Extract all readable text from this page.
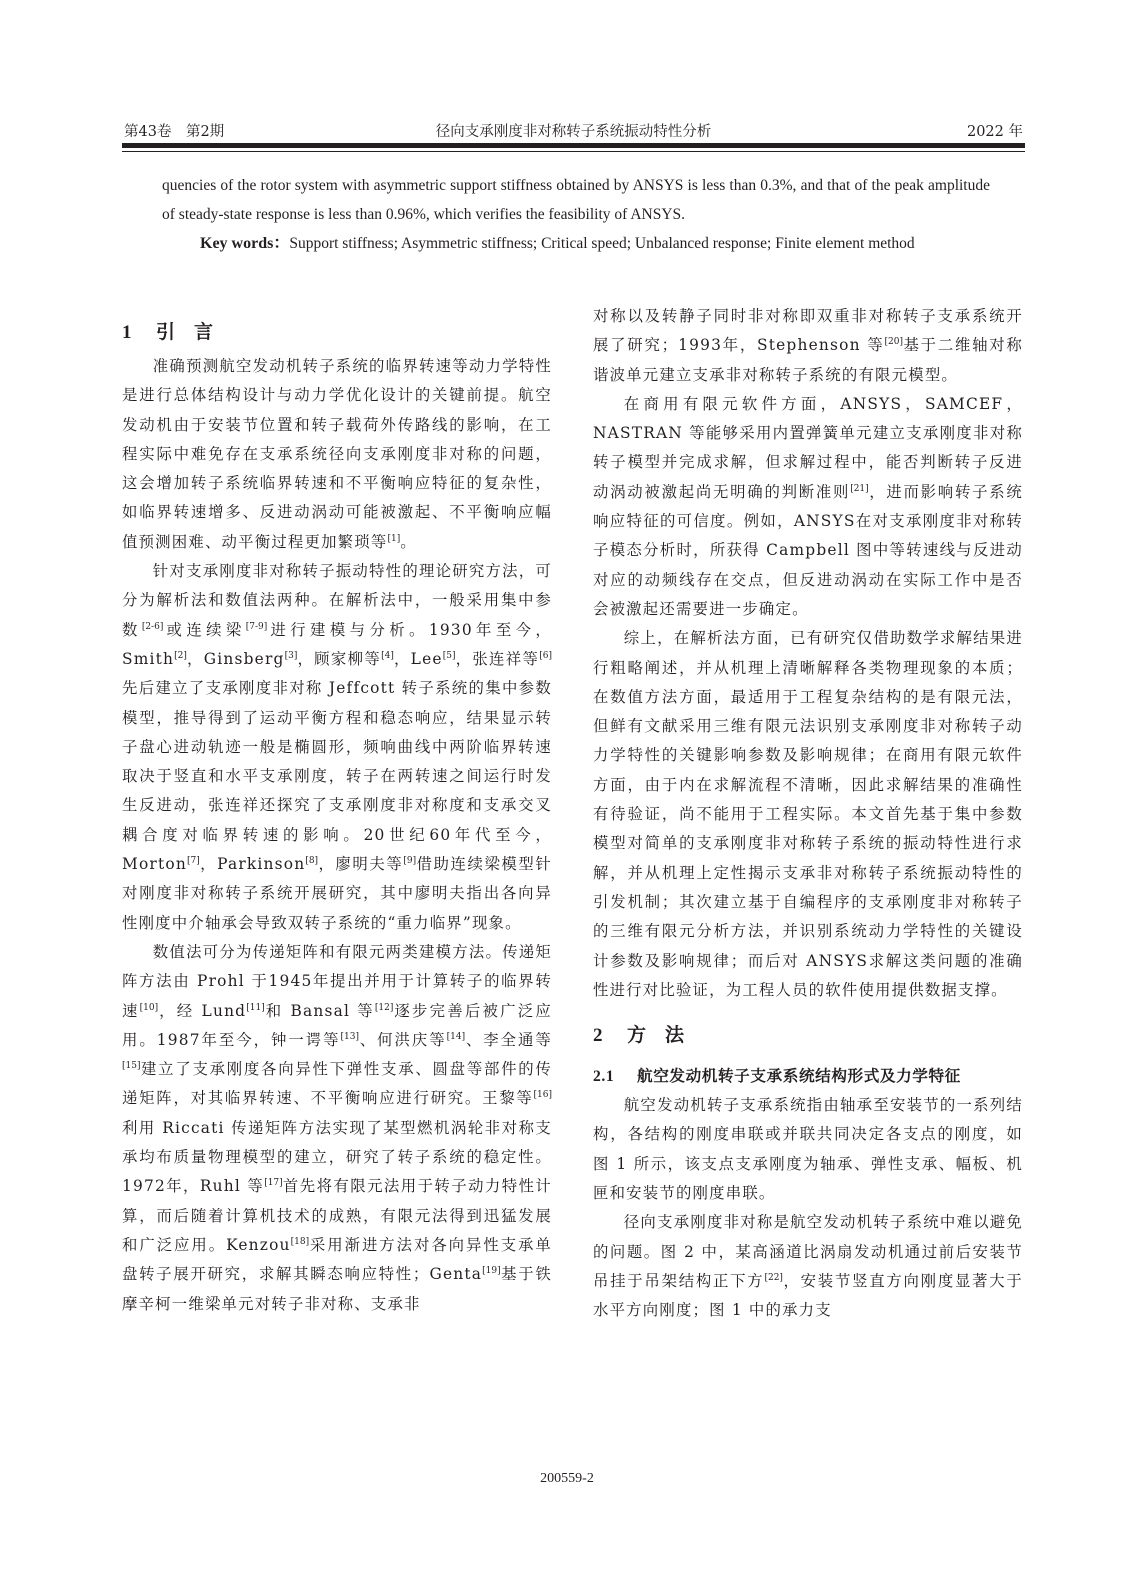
第43卷　第2期	径向支承刚度非对称转子系统振动特性分析	2022 年

quencies of the rotor system with asymmetric support stiffness obtained by ANSYS is less than 0.3%, and that of the peak amplitude of steady-state response is less than 0.96%, which verifies the feasibility of ANSYS.

Key words：Support stiffness; Asymmetric stiffness; Critical speed; Unbalanced response; Finite element method

1 引 言

准确预测航空发动机转子系统的临界转速等动力学特性是进行总体结构设计与动力学优化设计的关键前提。航空发动机由于安装节位置和转子载荷外传路线的影响，在工程实际中难免存在支承系统径向支承刚度非对称的问题，这会增加转子系统临界转速和不平衡响应特征的复杂性，如临界转速增多、反进动涡动可能被激起、不平衡响应幅值预测困难、动平衡过程更加繁琐等[1]。

针对支承刚度非对称转子振动特性的理论研究方法，可分为解析法和数值法两种。在解析法中，一般采用集中参数[2-6]或连续梁[7-9]进行建模与分析。1930年至今，Smith[2]，Ginsberg[3]，顾家柳等[4]，Lee[5]，张连祥等[6]先后建立了支承刚度非对称 Jeffcott 转子系统的集中参数模型，推导得到了运动平衡方程和稳态响应，结果显示转子盘心进动轨迹一般是椭圆形，频响曲线中两阶临界转速取决于竖直和水平支承刚度，转子在两转速之间运行时发生反进动，张连祥还探究了支承刚度非对称度和支承交叉耦合度对临界转速的影响。20世纪60年代至今，Morton[7]，Parkinson[8]，廖明夫等[9]借助连续梁模型针对刚度非对称转子系统开展研究，其中廖明夫指出各向异性刚度中介轴承会导致双转子系统的“重力临界”现象。

数值法可分为传递矩阵和有限元两类建模方法。传递矩阵方法由 Prohl 于1945年提出并用于计算转子的临界转速[10]，经 Lund[11]和 Bansal 等[12]逐步完善后被广泛应用。1987年至今，钟一谔等[13]、何洪庆等[14]、李全通等[15]建立了支承刚度各向异性下弹性支承、圆盘等部件的传递矩阵，对其临界转速、不平衡响应进行研究。王黎等[16]利用 Riccati 传递矩阵方法实现了某型燃机涡轮非对称支承均布质量物理模型的建立，研究了转子系统的稳定性。1972年，Ruhl 等[17]首先将有限元法用于转子动力特性计算，而后随着计算机技术的成熟，有限元法得到迅猛发展和广泛应用。Kenzou[18]采用渐进方法对各向异性支承单盘转子展开研究，求解其瞬态响应特性；Genta[19]基于铁摩辛柯一维梁单元对转子非对称、支承非

对称以及转静子同时非对称即双重非对称转子支承系统开展了研究；1993年，Stephenson 等[20]基于二维轴对称谐波单元建立支承非对称转子系统的有限元模型。

在商用有限元软件方面，ANSYS，SAMCEF，NASTRAN 等能够采用内置弹簧单元建立支承刚度非对称转子模型并完成求解，但求解过程中，能否判断转子反进动涡动被激起尚无明确的判断准则[21]，进而影响转子系统响应特征的可信度。例如，ANSYS在对支承刚度非对称转子模态分析时，所获得 Campbell 图中等转速线与反进动对应的动频线存在交点，但反进动涡动在实际工作中是否会被激起还需要进一步确定。

综上，在解析法方面，已有研究仅借助数学求解结果进行粗略阐述，并从机理上清晰解释各类物理现象的本质；在数值方法方面，最适用于工程复杂结构的是有限元法，但鲜有文献采用三维有限元法识别支承刚度非对称转子动力学特性的关键影响参数及影响规律；在商用有限元软件方面，由于内在求解流程不清晰，因此求解结果的准确性有待验证，尚不能用于工程实际。本文首先基于集中参数模型对简单的支承刚度非对称转子系统的振动特性进行求解，并从机理上定性揭示支承非对称转子系统振动特性的引发机制；其次建立基于自编程序的支承刚度非对称转子的三维有限元分析方法，并识别系统动力学特性的关键设计参数及影响规律；而后对 ANSYS求解这类问题的准确性进行对比验证，为工程人员的软件使用提供数据支撑。

2 方 法
2.1 航空发动机转子支承系统结构形式及力学特征

航空发动机转子支承系统指由轴承至安装节的一系列结构，各结构的刚度串联或并联共同决定各支点的刚度，如图 1 所示，该支点支承刚度为轴承、弹性支承、幅板、机匣和安装节的刚度串联。

径向支承刚度非对称是航空发动机转子系统中难以避免的问题。图 2 中，某高涵道比涡扇发动机通过前后安装节吊挂于吊架结构正下方[22]，安装节竖直方向刚度显著大于水平方向刚度；图 1 中的承力支

200559-2
